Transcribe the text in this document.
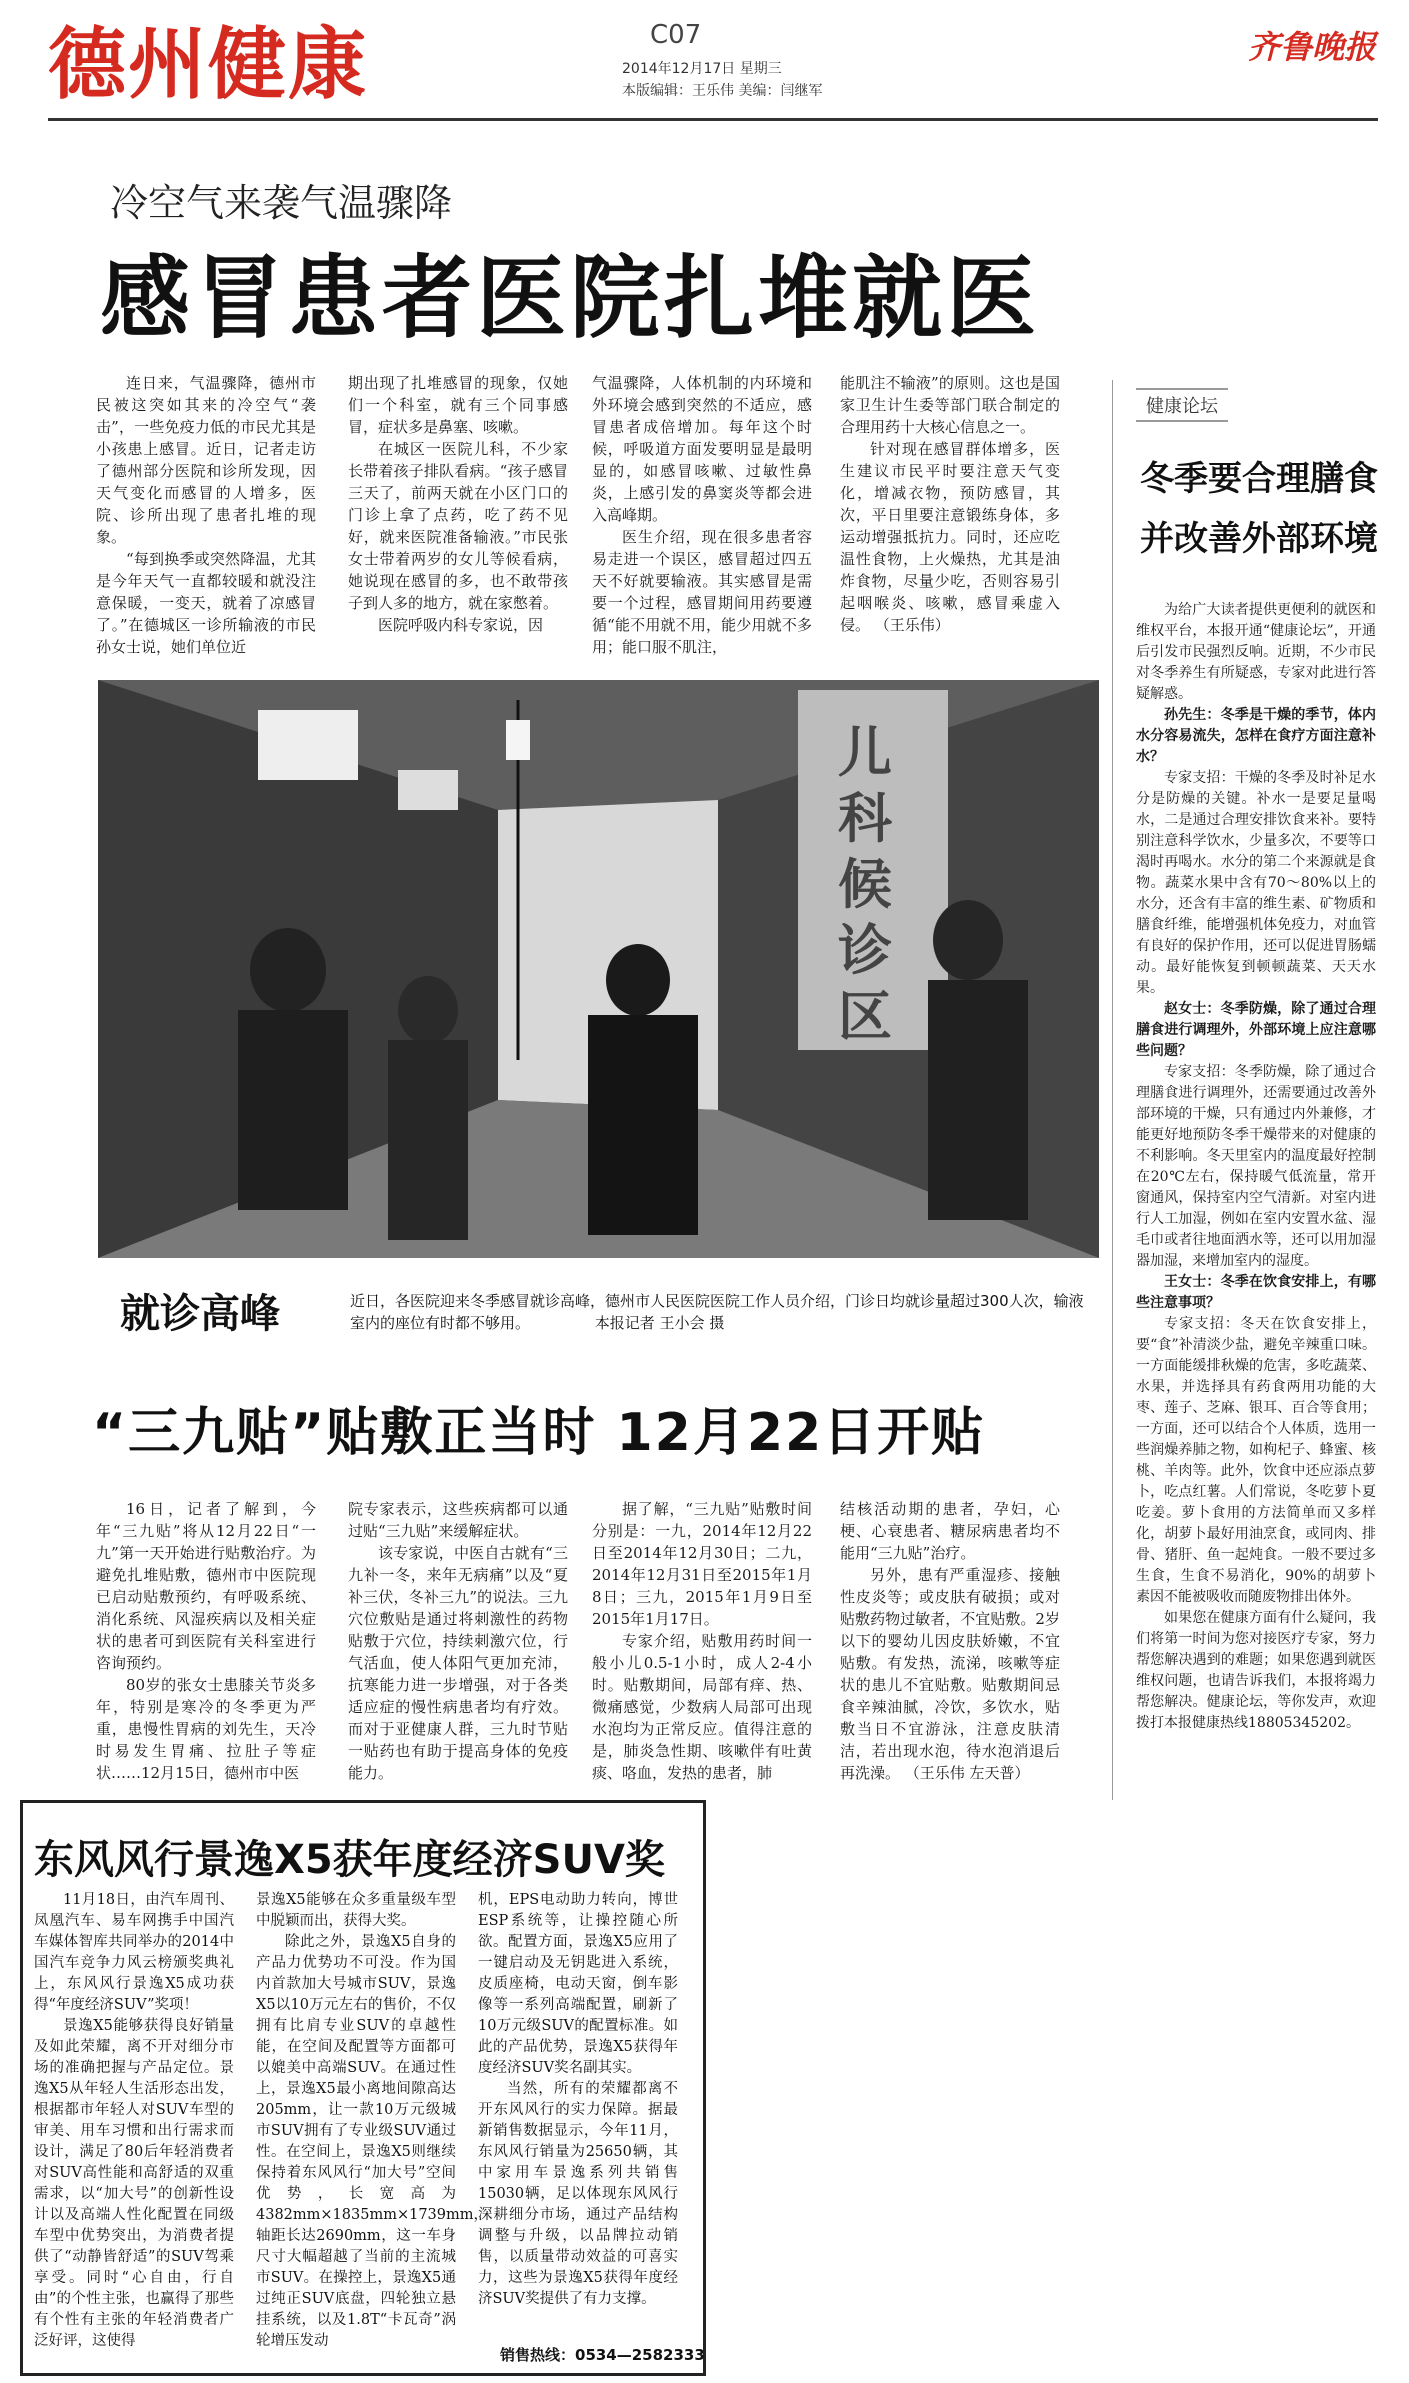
德州健康	C07
2014年12月17日 星期三
本版编辑：王乐伟 美编：闫继军
齐鲁晚报
冷空气来袭气温骤降
感冒患者医院扎堆就医

连日来，气温骤降，德州市民被这突如其来的冷空气“袭击”，一些免疫力低的市民尤其是小孩患上感冒。近日，记者走访了德州部分医院和诊所发现，因天气变化而感冒的人增多，医院、诊所出现了患者扎堆的现象。

“每到换季或突然降温，尤其是今年天气一直都较暖和就没注意保暖，一变天，就着了凉感冒了。”在德城区一诊所输液的市民孙女士说，她们单位近

期出现了扎堆感冒的现象，仅她们一个科室，就有三个同事感冒，症状多是鼻塞、咳嗽。

在城区一医院儿科，不少家长带着孩子排队看病。“孩子感冒三天了，前两天就在小区门口的门诊上拿了点药，吃了药不见好，就来医院准备输液。”市民张女士带着两岁的女儿等候看病，她说现在感冒的多，也不敢带孩子到人多的地方，就在家憋着。

医院呼吸内科专家说，因

气温骤降，人体机制的内环境和外环境会感到突然的不适应，感冒患者成倍增加。每年这个时候，呼吸道方面发要明显是最明显的，如感冒咳嗽、过敏性鼻炎，上感引发的鼻窦炎等都会进入高峰期。

医生介绍，现在很多患者容易走进一个误区，感冒超过四五天不好就要输液。其实感冒是需要一个过程，感冒期间用药要遵循“能不用就不用，能少用就不多用；能口服不肌注，

能肌注不输液”的原则。这也是国家卫生计生委等部门联合制定的合理用药十大核心信息之一。

针对现在感冒群体增多，医生建议市民平时要注意天气变化，增减衣物，预防感冒，其次，平日里要注意锻练身体，多运动增强抵抗力。同时，还应吃温性食物，上火燥热，尤其是油炸食物，尽量少吃，否则容易引起咽喉炎、咳嗽，感冒乘虚入侵。 （王乐伟）

儿科候诊区
就诊高峰	近日，各医院迎来冬季感冒就诊高峰，德州市人民医院医院工作人员介绍，门诊日均就诊量超过300人次，输液室内的座位有时都不够用。	本报记者 王小会 摄
“三九贴”贴敷正当时 12月22日开贴

16日，记者了解到，今年“三九贴”将从12月22日“一九”第一天开始进行贴敷治疗。为避免扎堆贴敷，德州市中医院现已启动贴敷预约，有呼吸系统、消化系统、风湿疾病以及相关症状的患者可到医院有关科室进行咨询预约。

80岁的张女士患膝关节炎多年，特别是寒冷的冬季更为严重，患慢性胃病的刘先生，天冷时易发生胃痛、拉肚子等症状……12月15日，德州市中医

院专家表示，这些疾病都可以通过贴“三九贴”来缓解症状。

该专家说，中医自古就有“三九补一冬，来年无病痛”以及“夏补三伏，冬补三九”的说法。三九穴位敷贴是通过将刺激性的药物贴敷于穴位，持续刺激穴位，行气活血，使人体阳气更加充沛，抗寒能力进一步增强，对于各类适应症的慢性病患者均有疗效。而对于亚健康人群，三九时节贴一贴药也有助于提高身体的免疫能力。

据了解，“三九贴”贴敷时间分别是：一九，2014年12月22日至2014年12月30日；二九，2014年12月31日至2015年1月8日；三九，2015年1月9日至2015年1月17日。

专家介绍，贴敷用药时间一般小儿0.5-1小时，成人2-4小时。贴敷期间，局部有痒、热、微痛感觉，少数病人局部可出现水泡均为正常反应。值得注意的是，肺炎急性期、咳嗽伴有吐黄痰、咯血，发热的患者，肺

结核活动期的患者，孕妇，心梗、心衰患者、糖尿病患者均不能用“三九贴”治疗。

另外，患有严重湿疹、接触性皮炎等；或皮肤有破损；或对贴敷药物过敏者，不宜贴敷。2岁以下的婴幼儿因皮肤娇嫩，不宜贴敷。有发热，流涕，咳嗽等症状的患儿不宜贴敷。贴敷期间忌食辛辣油腻，冷饮，多饮水，贴敷当日不宜游泳，注意皮肤清洁，若出现水泡，待水泡消退后再洗澡。 （王乐伟 左天普）

健康论坛
冬季要合理膳食
并改善外部环境

为给广大读者提供更便利的就医和维权平台，本报开通“健康论坛”，开通后引发市民强烈反响。近期，不少市民对冬季养生有所疑惑，专家对此进行答疑解惑。

孙先生：冬季是干燥的季节，体内水分容易流失，怎样在食疗方面注意补水？

专家支招：干燥的冬季及时补足水分是防燥的关键。补水一是要足量喝水，二是通过合理安排饮食来补。要特别注意科学饮水，少量多次，不要等口渴时再喝水。水分的第二个来源就是食物。蔬菜水果中含有70～80%以上的水分，还含有丰富的维生素、矿物质和膳食纤维，能增强机体免疫力，对血管有良好的保护作用，还可以促进胃肠蠕动。最好能恢复到顿顿蔬菜、天天水果。

赵女士：冬季防燥，除了通过合理膳食进行调理外，外部环境上应注意哪些问题？

专家支招：冬季防燥，除了通过合理膳食进行调理外，还需要通过改善外部环境的干燥，只有通过内外兼修，才能更好地预防冬季干燥带来的对健康的不利影响。冬天里室内的温度最好控制在20℃左右，保持暖气低流量，常开窗通风，保持室内空气清新。对室内进行人工加湿，例如在室内安置水盆、湿毛巾或者往地面洒水等，还可以用加湿器加湿，来增加室内的湿度。

王女士：冬季在饮食安排上，有哪些注意事项？

专家支招：冬天在饮食安排上，要“食”补清淡少盐，避免辛辣重口味。一方面能缓排秋燥的危害，多吃蔬菜、水果，并选择具有药食两用功能的大枣、莲子、芝麻、银耳、百合等食用；一方面，还可以结合个人体质，选用一些润燥养肺之物，如枸杞子、蜂蜜、核桃、羊肉等。此外，饮食中还应添点萝卜，吃点红薯。人们常说，冬吃萝卜夏吃姜。萝卜食用的方法简单而又多样化，胡萝卜最好用油烹食，或同肉、排骨、猪肝、鱼一起炖食。一般不要过多生食，生食不易消化，90%的胡萝卜素因不能被吸收而随废物排出体外。

如果您在健康方面有什么疑问，我们将第一时间为您对接医疗专家，努力帮您解决遇到的难题；如果您遇到就医维权问题，也请告诉我们，本报将竭力帮您解决。健康论坛，等你发声，欢迎拨打本报健康热线18805345202。

东风风行景逸X5获年度经济SUV奖

11月18日，由汽车周刊、凤凰汽车、易车网携手中国汽车媒体智库共同举办的2014中国汽车竞争力风云榜颁奖典礼上，东风风行景逸X5成功获得“年度经济SUV”奖项！

景逸X5能够获得良好销量及如此荣耀，离不开对细分市场的准确把握与产品定位。景逸X5从年轻人生活形态出发，根据都市年轻人对SUV车型的审美、用车习惯和出行需求而设计，满足了80后年轻消费者对SUV高性能和高舒适的双重需求，以“加大号”的创新性设计以及高端人性化配置在同级车型中优势突出，为消费者提供了“动静皆舒适”的SUV驾乘享受。同时“心自由，行自由”的个性主张，也赢得了那些有个性有主张的年轻消费者广泛好评，这使得

景逸X5能够在众多重量级车型中脱颖而出，获得大奖。

除此之外，景逸X5自身的产品力优势功不可没。作为国内首款加大号城市SUV，景逸X5以10万元左右的售价，不仅拥有比肩专业SUV的卓越性能，在空间及配置等方面都可以媲美中高端SUV。在通过性上，景逸X5最小离地间隙高达205mm，让一款10万元级城市SUV拥有了专业级SUV通过性。在空间上，景逸X5则继续保持着东风风行“加大号”空间优势，长宽高为4382mm×1835mm×1739mm，轴距长达2690mm，这一车身尺寸大幅超越了当前的主流城市SUV。在操控上，景逸X5通过纯正SUV底盘，四轮独立悬挂系统，以及1.8T“卡瓦奇”涡轮增压发动

机，EPS电动助力转向，博世ESP系统等，让操控随心所欲。配置方面，景逸X5应用了一键启动及无钥匙进入系统，皮质座椅，电动天窗，倒车影像等一系列高端配置，刷新了10万元级SUV的配置标准。如此的产品优势，景逸X5获得年度经济SUV奖名副其实。

当然，所有的荣耀都离不开东风风行的实力保障。据最新销售数据显示，今年11月，东风风行销量为25650辆，其中家用车景逸系列共销售15030辆，足以体现东风风行深耕细分市场，通过产品结构调整与升级，以品牌拉动销售，以质量带动效益的可喜实力，这些为景逸X5获得年度经济SUV奖提供了有力支撑。

销售热线：0534—2582333
